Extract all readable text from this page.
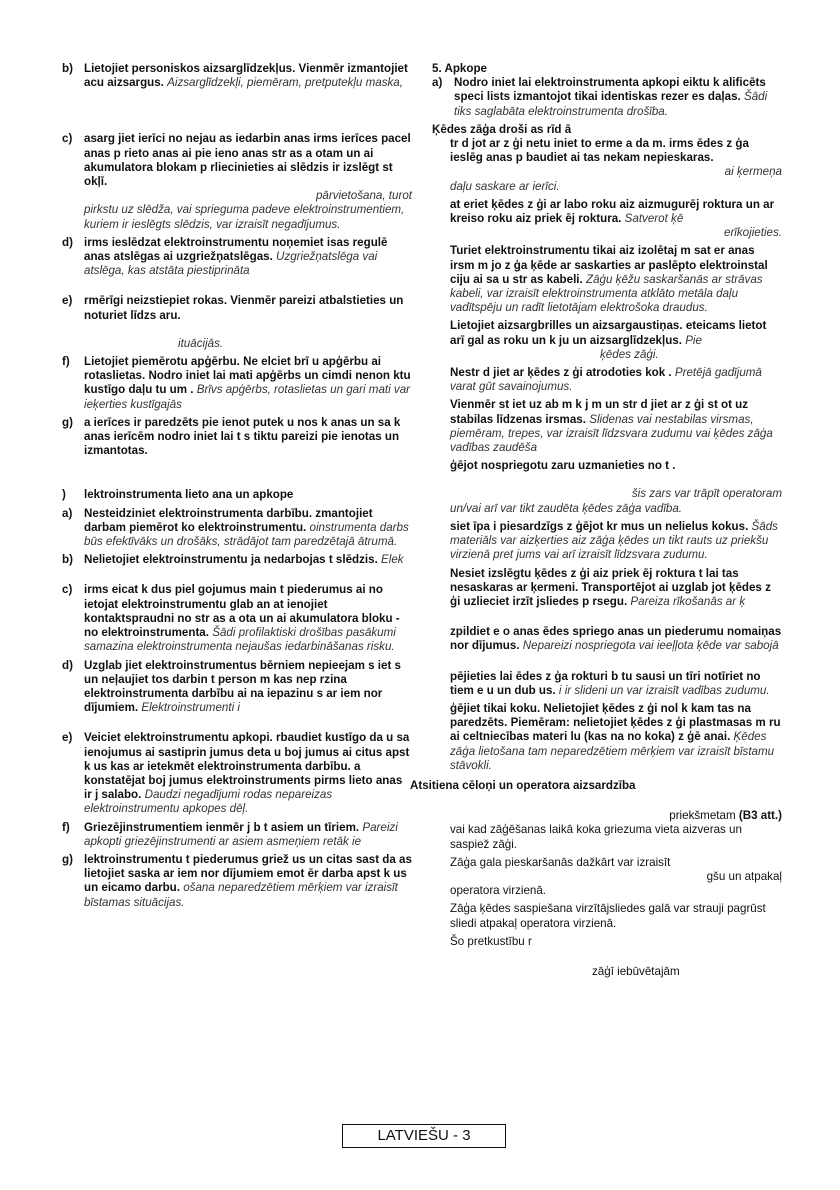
b) Lietojiet personiskos aizsarglīdzekļus. Vienmēr izmantojiet acu aizsargus. Aizsarglīdzekļi, piemēram, pretputekļu maska,
c)	asarg jiet ierīci no nejau as iedarbin anas irms ierīces pacel anas p rieto anas ai pie ieno anas str as a otam un ai akumulatora blokam p rliecinieties ai slēdzis ir izslēgt st okļī.
pārvietošana, turot
pirkstu uz slēdža, vai sprieguma padeve elektroinstrumentiem, kuriem ir ieslēgts slēdzis, var izraisīt negadījumus.
d) irms ieslēdzat elektroinstrumentu noņemiet isas regulē anas atslēgas ai uzgriežņatslēgas. Uzgriežņatslēga vai atslēga, kas atstāta piestiprināta
e)	rmērīgi neizstiepiet rokas. Vienmēr pareizi atbalstieties un noturiet līdzs aru.
ituācijās.
f)	Lietojiet piemērotu apģērbu. Ne elciet brī u apģērbu ai rotaslietas. Nodro iniet lai mati apģērbs un cimdi nenon ktu kustīgo daļu tu um . Brīvs apģērbs, rotaslietas un gari mati var ieķerties kustīgajās
g) a ierīces ir paredzēts pie ienot putek u nos k anas un sa k anas ierīcēm nodro iniet lai t s tiktu pareizi pie ienotas un izmantotas.
)	lektroinstrumenta lieto ana un apkope
a)	Nesteidziniet elektroinstrumenta darbību. zmantojiet darbam piemērot ko elektroinstrumentu. oinstrumenta darbs būs efektīvāks un drošāks, strādājot tam paredzētajā ātrumā.
b) Nelietojiet elektroinstrumentu ja nedarbojas t slēdzis. Elek
c)	irms eicat k dus piel gojumus main t piederumus ai no ietojat elektroinstrumentu glab an at ienojiet kontaktspraudni no str as a ota un ai akumulatora bloku - no elektroinstrumenta. Šādi profilaktiski drošības pasākumi samazina elektroinstrumenta nejaušas iedarbināšanas risku.
d) Uzglab jiet elektroinstrumentus bērniem nepieejam s iet s un neļaujiet tos darbin t person m kas nep rzina elektroinstrumenta darbību ai na iepazinu s ar iem nor dījumiem. Elektroinstrumenti i
e)	Veiciet elektroinstrumentu apkopi. rbaudiet kustīgo da u sa ienojumus ai sastiprin jumus deta u boj jumus ai citus apst k us kas ar ietekmēt elektroinstrumenta darbību. a konstatējat boj jumus elektroinstruments pirms lieto anas ir j salabo. Daudzi negadījumi rodas nepareizas elektroinstrumentu apkopes dēļ.
f)	Griezējinstrumentiem ienmēr j b t asiem un tīriem. Pareizi apkopti griezējinstrumenti ar asiem asmeņiem retāk ie
g) lektroinstrumentu t piederumus griež us un citas sast da as lietojiet saska ar iem nor dījumiem emot ēr darba apst k us un eicamo darbu. ošana neparedzētiem mērķiem var izraisīt bīstamas situācijas.
5. Apkope
a)	Nodro iniet lai elektroinstrumenta apkopi eiktu k alificēts speci lists izmantojot tikai identiskas rezer es daļas. Šādi tiks saglabāta elektroinstrumenta drošība.
Ķēdes zāģa droši as rīd ā
tr d jot ar z ģi netu iniet to erme a da m. irms ēdes z ģa ieslēg anas p baudiet ai tas nekam nepieskaras.
ai ķermeņa
daļu saskare ar ierīci.
at eriet ķēdes z ģi ar labo roku aiz aizmugurēj roktura un ar kreiso roku aiz priek ēj roktura. Satverot ķē
erīkojieties.
Turiet elektroinstrumentu tikai aiz izolētaj m sat er anas irsm m jo z ģa ķēde ar saskarties ar paslēpto elektroinstal ciju ai sa u str as kabeli. Zāģu ķēžu saskaršanās ar strāvas kabeli, var izraisīt elektroinstrumenta atklāto metāla daļu vadītspēju un radīt lietotājam elektrošoka draudus.
Lietojiet aizsargbrilles un aizsargaustiņas. eteicams lietot arī gal as roku un k ju un aizsarglīdzekļus. Pie
ķēdes zāģi.
Nestr d jiet ar ķēdes z ģi atrodoties kok . Pretējā gadījumā varat gūt savainojumus.
Vienmēr st iet uz ab m k j m un str d jiet ar z ģi st ot uz stabilas līdzenas irsmas. Slidenas vai nestabilas virsmas, piemēram, trepes, var izraisīt līdzsvara zudumu vai ķēdes zāģa vadības zaudēša
ģējot nospriegotu zaru uzmanieties no t .
šis zars var trāpīt operatoram
un/vai arī var tikt zaudēta ķēdes zāģa vadība.
siet īpa i piesardzīgs z ģējot kr mus un nelielus kokus. Šāds materiāls var aizķerties aiz zāģa ķēdes un tikt rauts uz priekšu virzienā pret jums vai arī izraisīt līdzsvara zudumu.
Nesiet izslēgtu ķēdes z ģi aiz priek ēj roktura t lai tas nesaskaras ar ķermeni. Transportējot ai uzglab jot ķēdes z ģi uzlieciet irzīt jsliedes p rsegu. Pareiza rīkošanās ar ķ
zpildiet e o anas ēdes spriego anas un piederumu nomaiņas nor dījumus. Nepareizi nospriegota vai ieeļļota ķēde var sabojā
pējieties lai ēdes z ģa rokturi b tu sausi un tīri notīriet no tiem e u un dub us. i ir slideni un var izraisīt vadības zudumu.
ģējiet tikai koku. Nelietojiet ķēdes z ģi nol k kam tas na paredzēts. Piemēram: nelietojiet ķēdes z ģi plastmasas m ru ai celtniecības materi lu (kas na no koka) z ģē anai. Ķēdes zāģa lietošana tam neparedzētiem mērķiem var izraisīt bīstamu stāvokli.
Atsitiena cēloņi un operatora aizsardzība
priekšmetam (B3 att.)
vai kad zāģēšanas laikā koka griezuma vieta aizveras un saspiež zāģi.
Zāģa gala pieskaršanās dažkārt var izraisīt
gšu un atpakaļ
operatora virzienā.
Zāģa ķēdes saspiešana virzītājsliedes galā var strauji pagrūst sliedi atpakaļ operatora virzienā.
Šo pretkustību r
zāģī iebūvētajām
LATVIEŠU - 3
